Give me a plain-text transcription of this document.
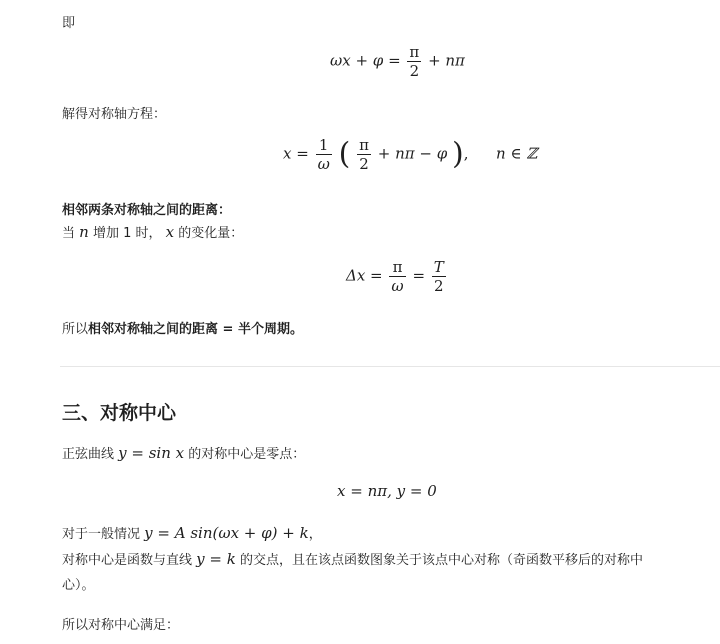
即
$\omega x + \varphi = \frac{\pi}{2} + n\pi$
解得对称轴方程：
$x = \frac{1}{\omega}$ ( $\frac{\pi}{2} + n\pi - \varphi$ ), n ∈ ℤ
相邻两条对称轴之间的距离：
当 n 增加 1 时， x 的变化量：
$\Delta x = \frac{\pi}{\omega} = \frac{T}{2}$
所以相邻对称轴之间的距离 = 半个周期。
三、对称中心
正弦曲线 y = sin x 的对称中心是零点：
x = nπ, y = 0
对于一般情况 y = A sin(ωx + φ) + k，
对称中心是函数与直线 y = k 的交点，且在该点函数图象关于该点中心对称（奇函数平移后的对称中
心）。
所以对称中心满足：
